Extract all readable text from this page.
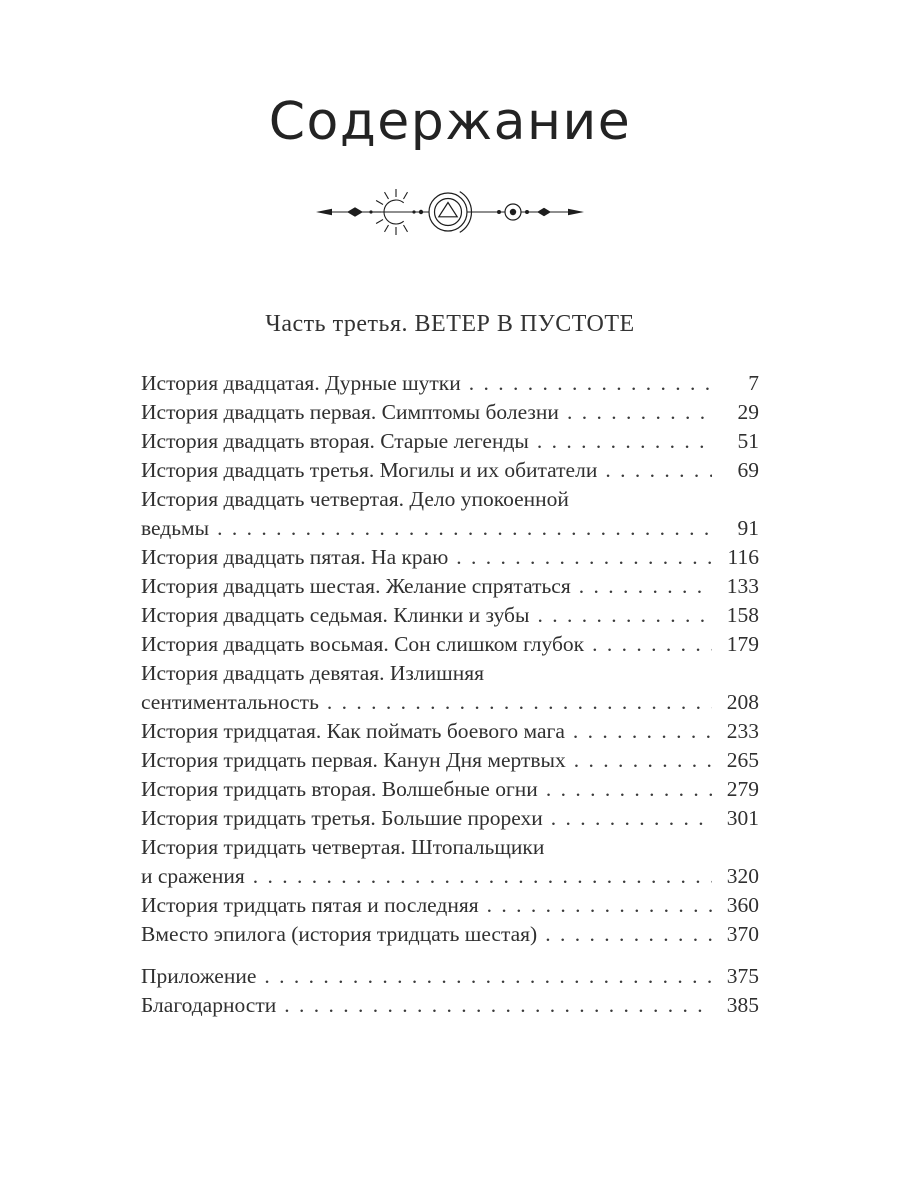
Содержание
Часть третья. ВЕТЕР В ПУСТОТЕ
История двадцатая. Дурные шутки . . .	7
История двадцать первая. Симптомы болезни . . .	29
История двадцать вторая. Старые легенды . . .	51
История двадцать третья. Могилы и их обитатели . . .	69
История двадцать четвертая. Дело упокоенной
ведьмы . . .	91
История двадцать пятая. На краю . . .	116
История двадцать шестая. Желание спрятаться . . .	133
История двадцать седьмая. Клинки и зубы . . .	158
История двадцать восьмая. Сон слишком глубок . . .	179
История двадцать девятая. Излишняя
сентиментальность . . .	208
История тридцатая. Как поймать боевого мага . . .	233
История тридцать первая. Канун Дня мертвых . . .	265
История тридцать вторая. Волшебные огни . . .	279
История тридцать третья. Большие прорехи . . .	301
История тридцать четвертая. Штопальщики
и сражения . . .	320
История тридцать пятая и последняя . . .	360
Вместо эпилога (история тридцать шестая) . . .	370
Приложение . . .	375
Благодарности . . .	385
